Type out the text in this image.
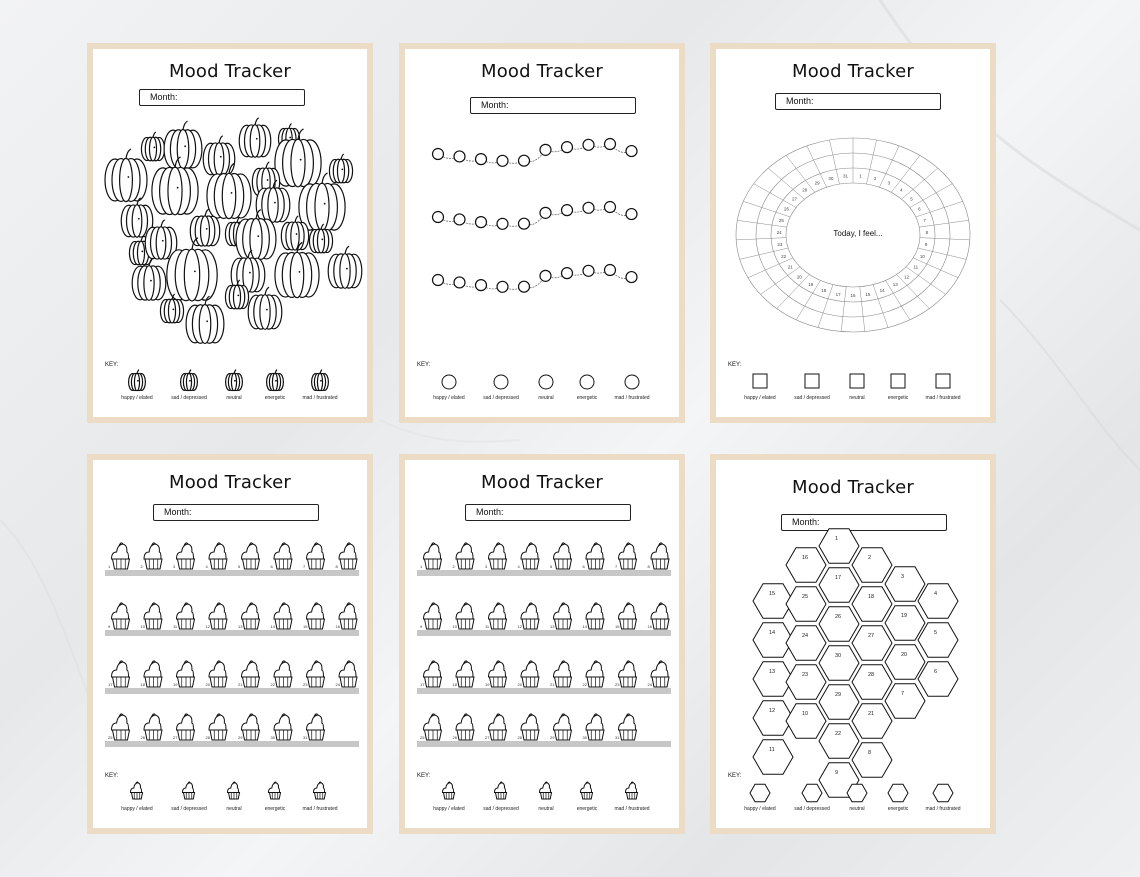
Mood Tracker
Month:
KEY:
happy / elated	sad / depressed	neutral	energetic	mad / frustrated
Mood Tracker
Month:
KEY:
happy / elated	sad / depressed	neutral	energetic	mad / frustrated
Mood Tracker
Month:
1	2
3
4
5
6
7
8
9
10
11
12
13
14
15
16
17
18
19
20
21
22
23
24
25
26
27
28
29
30 31
Today, I feel...
KEY:
happy / elated	sad / depressed	neutral	energetic	mad / frustrated
Mood Tracker
Month:
1	2	3	4	5	6	7	8
9	10	11	12	13	14	15	16
17	18	19	20	21	22	23	24
25	26	27	28	29	30	31
KEY:
happy / elated	sad / depressed	neutral	energetic	mad / frustrated
Mood Tracker
Month:
1	2	3	4	5	6	7	8
9	10	11	12	13	14	15	16
17	18	19	20	21	22	23	24
25	26	27	28	29	30	31
KEY:
happy / elated	sad / depressed	neutral	energetic	mad / frustrated
Mood Tracker
Month:
15
14
13
12
11
16
25
24
23
10
1
17
26
30
29
22
9
2
18
27
28
21
8
3
19
20
7
4
5
6
KEY:
happy / elated	sad / depressed	neutral	energetic	mad / frustrated
